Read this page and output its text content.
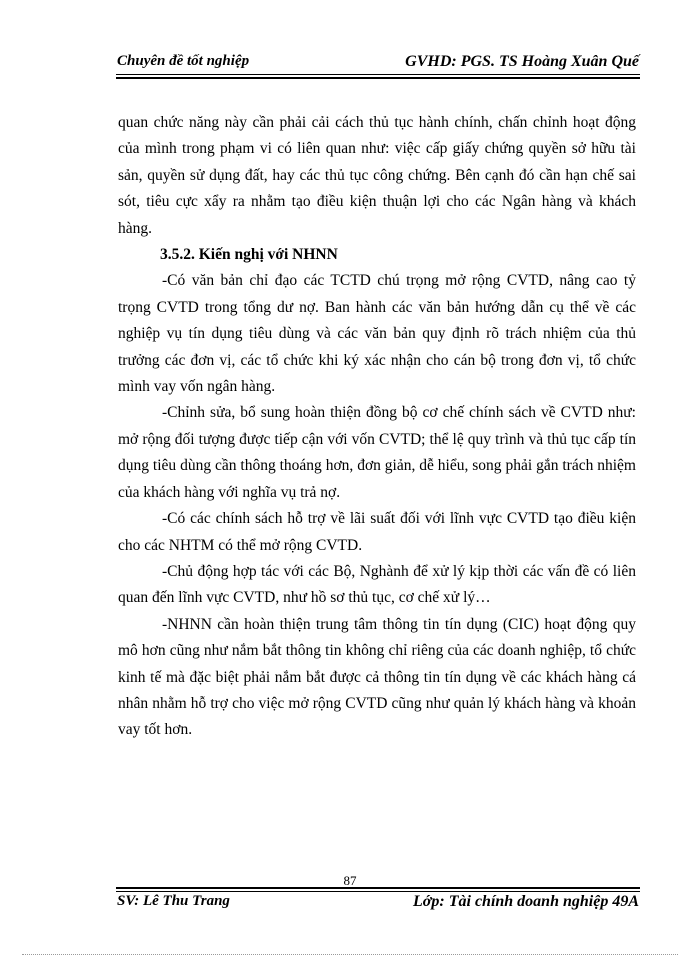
Chuyên đề tốt nghiệp	GVHD: PGS. TS Hoàng Xuân Quế

quan chức năng này cần phải cải cách thủ tục hành chính, chấn chỉnh hoạt động của mình trong phạm vi có liên quan như: việc cấp giấy chứng quyền sở hữu tài sản, quyền sử dụng đất, hay các thủ tục công chứng. Bên cạnh đó cần hạn chế sai sót, tiêu cực xẩy ra nhằm tạo điều kiện thuận lợi cho các Ngân hàng và khách hàng.

3.5.2. Kiến nghị với NHNN

-Có văn bản chỉ đạo các TCTD chú trọng mở rộng CVTD, nâng cao tỷ trọng CVTD trong tổng dư nợ. Ban hành các văn bản hướng dẫn cụ thể về các nghiệp vụ tín dụng tiêu dùng và các văn bản quy định rõ trách nhiệm của thủ trưởng các đơn vị, các tổ chức khi ký xác nhận cho cán bộ trong đơn vị, tổ chức mình vay vốn ngân hàng.

-Chỉnh sửa, bổ sung hoàn thiện đồng bộ cơ chế chính sách về CVTD như: mở rộng đối tượng được tiếp cận với vốn CVTD; thể lệ quy trình và thủ tục cấp tín dụng tiêu dùng cần thông thoáng hơn, đơn giản, dễ hiểu, song phải gắn trách nhiệm của khách hàng với nghĩa vụ trả nợ.

-Có các chính sách hỗ trợ về lãi suất đối với lĩnh vực CVTD tạo điều kiện cho các NHTM có thể mở rộng CVTD.

-Chủ động hợp tác với các Bộ, Nghành để xử lý kịp thời các vấn đề có liên quan đến lĩnh vực CVTD, như hồ sơ thủ tục, cơ chế xử lý…

-NHNN cần hoàn thiện trung tâm thông tin tín dụng (CIC) hoạt động quy mô hơn cũng như nắm bắt thông tin không chỉ riêng của các doanh nghiệp, tổ chức kinh tế mà đặc biệt phải nắm bắt được cả thông tin tín dụng về các khách hàng cá nhân nhằm hỗ trợ cho việc mở rộng CVTD cũng như quản lý khách hàng và khoản vay tốt hơn.

87
SV: Lê Thu Trang	Lớp: Tài chính doanh nghiệp 49A
